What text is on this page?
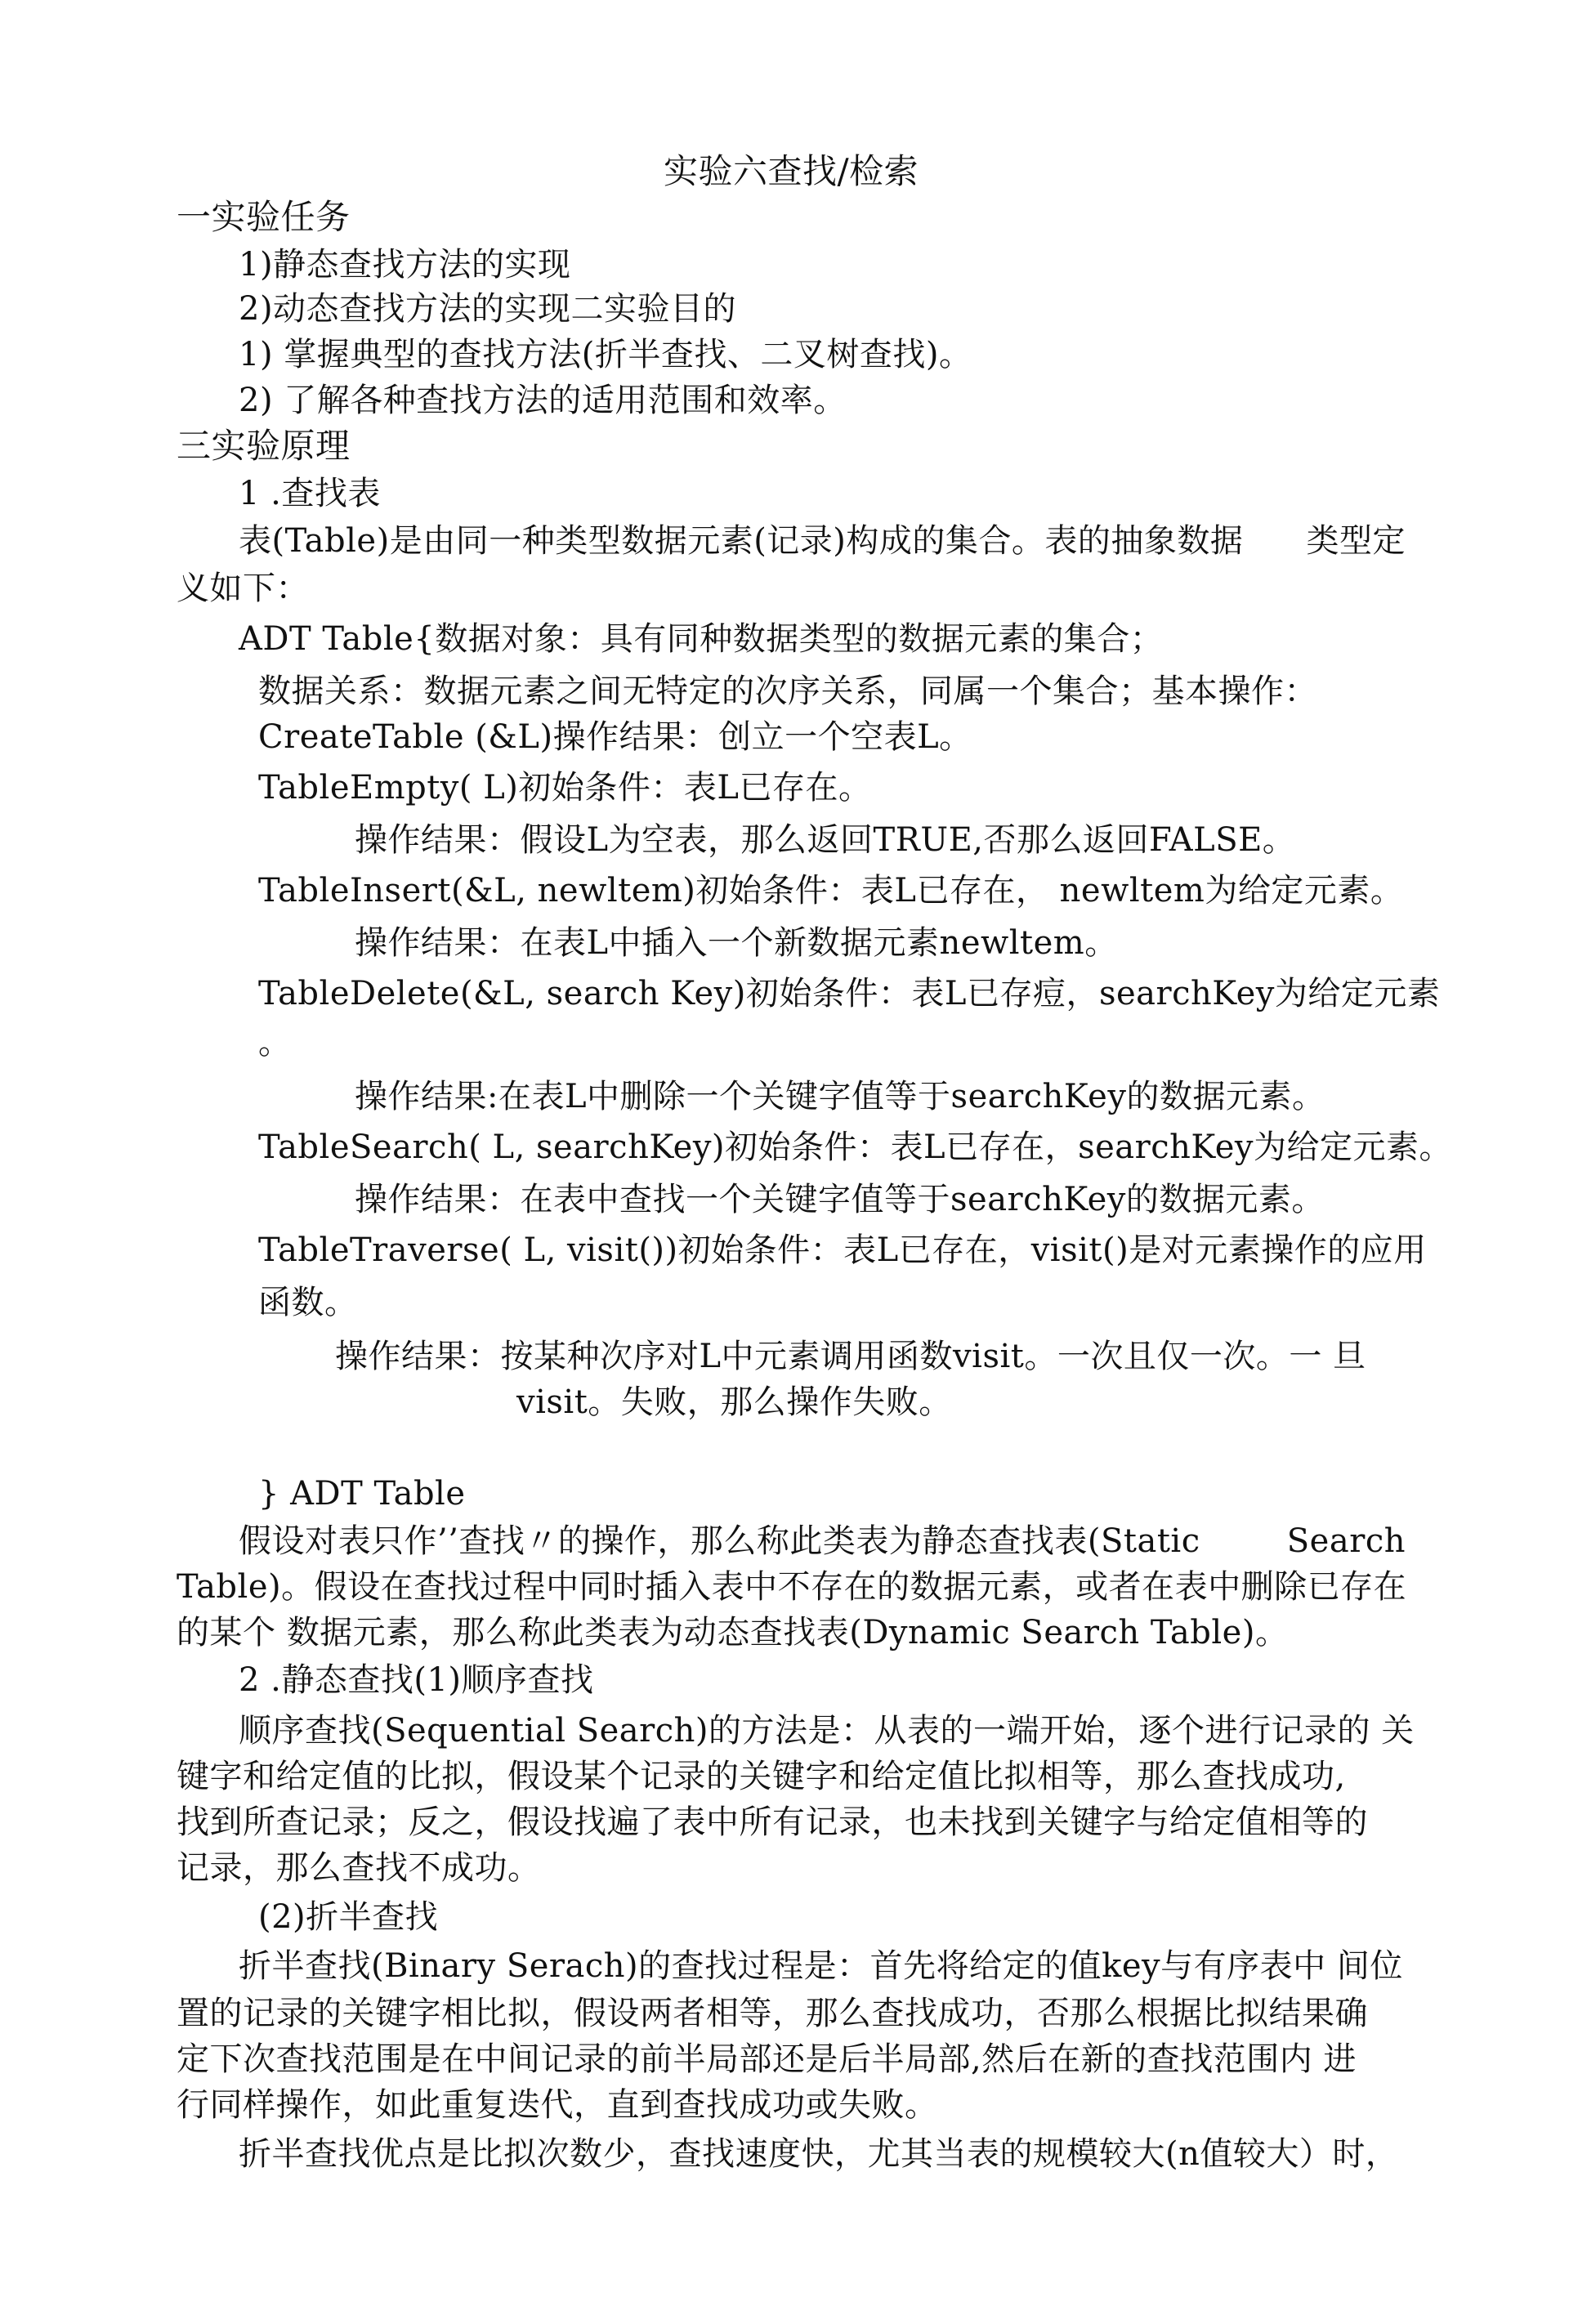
实验六查找/检索
一实验任务
1)静态查找方法的实现
2)动态查找方法的实现二实验目的
1) 掌握典型的查找方法(折半查找、二叉树查找)。
2) 了解各种查找方法的适用范围和效率。
三实验原理
1 .查找表
表(Table)是由同一种类型数据元素(记录)构成的集合。表的抽象数据 类型定
义如下：
ADT Table{数据对象：具有同种数据类型的数据元素的集合；
数据关系：数据元素之间无特定的次序关系，同属一个集合；基本操作：
CreateTable (&L)操作结果：创立一个空表L。
TableEmpty( L)初始条件：表L已存在。
操作结果：假设L为空表，那么返回TRUE,否那么返回FALSE。
TableInsert(&L, newltem)初始条件：表L已存在， newltem为给定元素。
操作结果：在表L中插入一个新数据元素newltem。
TableDelete(&L, search Key)初始条件：表L已存痘，searchKey为给定元素
。
操作结果:在表L中删除一个关键字值等于searchKey的数据元素。
TableSearch( L, searchKey)初始条件：表L已存在，searchKey为给定元素。
操作结果：在表中查找一个关键字值等于searchKey的数据元素。
TableTraverse( L, visit())初始条件：表L已存在，visit()是对元素操作的应用
函数。
操作结果：按某种次序对L中元素调用函数visit。一次且仅一次。一 旦
visit。失败，那么操作失败。
} ADT Table
假设对表只作’’查找〃的操作，那么称此类表为静态查找表(Static	Search
Table)。假设在查找过程中同时插入表中不存在的数据元素，或者在表中删除已存在
的某个 数据元素，那么称此类表为动态查找表(Dynamic Search Table)。
2 .静态查找(1)顺序查找
顺序查找(Sequential Search)的方法是：从表的一端开始，逐个进行记录的 关
键字和给定值的比拟，假设某个记录的关键字和给定值比拟相等，那么查找成功,
找到所查记录；反之，假设找遍了表中所有记录，也未找到关键字与给定值相等的
记录，那么查找不成功。
(2)折半查找
折半查找(Binary Serach)的查找过程是：首先将给定的值key与有序表中 间位
置的记录的关键字相比拟，假设两者相等，那么查找成功，否那么根据比拟结果确
定下次查找范围是在中间记录的前半局部还是后半局部,然后在新的查找范围内 进
行同样操作，如此重复迭代，直到查找成功或失败。
折半查找优点是比拟次数少，查找速度快，尤其当表的规模较大(n值较大）时，
